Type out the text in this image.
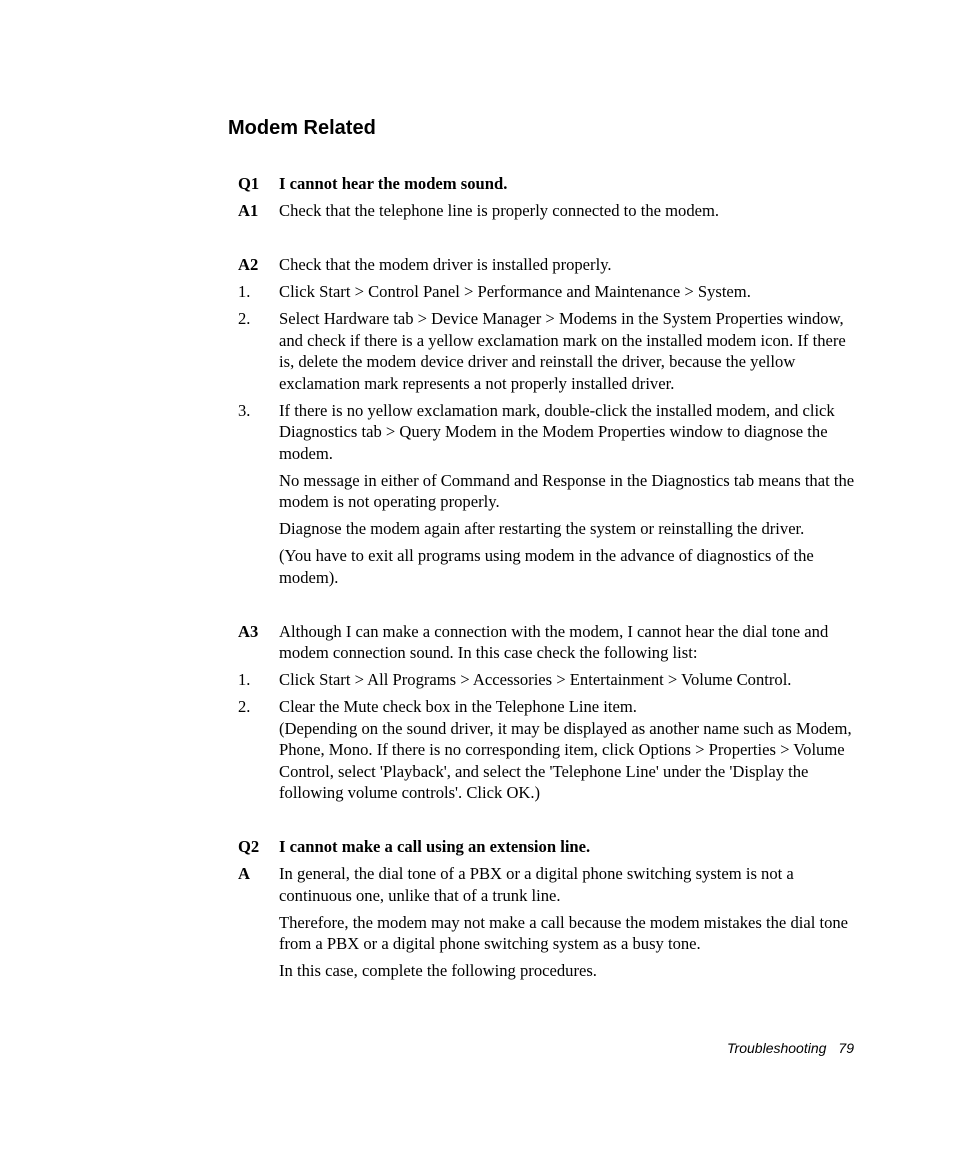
Modem Related
Q1	I cannot hear the modem sound.
A1	Check that the telephone line is properly connected to the modem.
A2	Check that the modem driver is installed properly.
1.	Click Start > Control Panel > Performance and Maintenance > System.
2.	Select Hardware tab > Device Manager > Modems in the System Properties window, and check if there is a yellow exclamation mark on the installed modem icon. If there is, delete the modem device driver and reinstall the driver, because the yellow exclamation mark represents a not properly installed driver.
3.	If there is no yellow exclamation mark, double-click the installed modem, and click Diagnostics tab > Query Modem in the Modem Properties window to diagnose the modem.
No message in either of Command and Response in the Diagnostics tab means that the modem is not operating properly.
Diagnose the modem again after restarting the system or reinstalling the driver.
(You have to exit all programs using modem in the advance of diagnostics of the modem).
A3	Although I can make a connection with the modem, I cannot hear the dial tone and modem connection sound. In this case check the following list:
1.	Click Start > All Programs > Accessories > Entertainment > Volume Control.
2.	Clear the Mute check box in the Telephone Line item.
(Depending on the sound driver, it may be displayed as another name such as Modem, Phone, Mono. If there is no corresponding item, click Options > Properties > Volume Control, select 'Playback', and select the 'Telephone Line' under the 'Display the following volume controls'. Click OK.)
Q2	I cannot make a call using an extension line.
A	In general, the dial tone of a PBX or a digital phone switching system is not a continuous one, unlike that of a trunk line.
Therefore, the modem may not make a call because the modem mistakes the dial tone from a PBX or a digital phone switching system as a busy tone.
In this case, complete the following procedures.
Troubleshooting 79
